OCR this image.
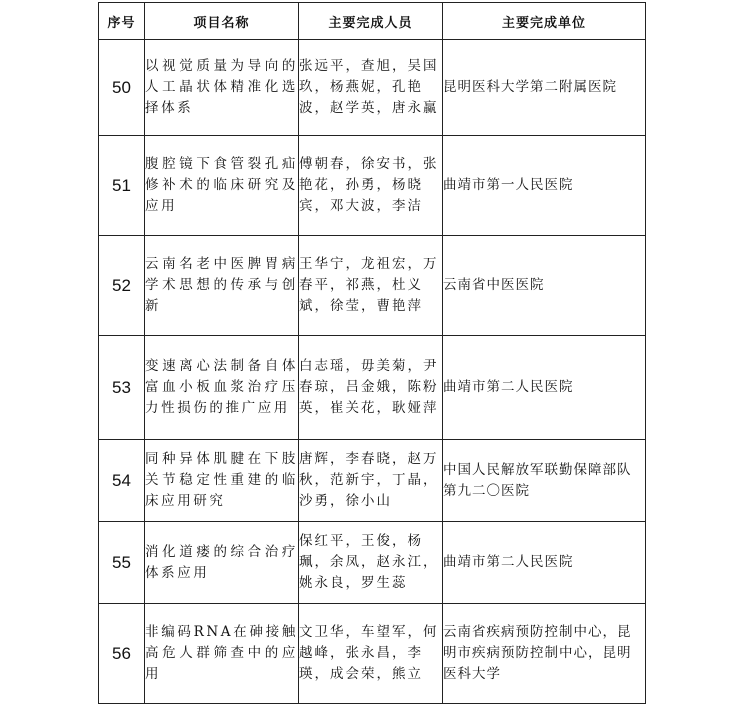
序号	项目名称	主要完成人员	主要完成单位
50	以视觉质量为导向的人工晶状体精准化选择体系	张远平，查旭，吴国玖，杨燕妮，孔艳波，赵学英，唐永赢	昆明医科大学第二附属医院

51	腹腔镜下食管裂孔疝修补术的临床研究及应用	傅朝春，徐安书，张艳花，孙勇，杨晓宾，邓大波，李洁	曲靖市第一人民医院

52	云南名老中医脾胃病学术思想的传承与创新	王华宁，龙祖宏，万春平，祁燕，杜义斌，徐莹，曹艳萍	云南省中医医院

53	变速离心法制备自体富血小板血浆治疗压力性损伤的推广应用	白志瑶，毋美菊，尹春琼，吕金娥，陈粉英，崔关花，耿娅萍	曲靖市第二人民医院

54	同种异体肌腱在下肢关节稳定性重建的临床应用研究	唐辉，李春晓，赵万秋，范新宇，丁晶，沙勇，徐小山	中国人民解放军联勤保障部队第九二〇医院

55	消化道瘘的综合治疗体系应用	保红平，王俊，杨珮，余凤，赵永江，姚永良，罗生蕊	曲靖市第二人民医院

56	非编码RNA在砷接触高危人群筛查中的应用	文卫华，车望军，何越峰，张永昌，李瑛，成会荣，熊立	云南省疾病预防控制中心，昆明市疾病预防控制中心，昆明医科大学
